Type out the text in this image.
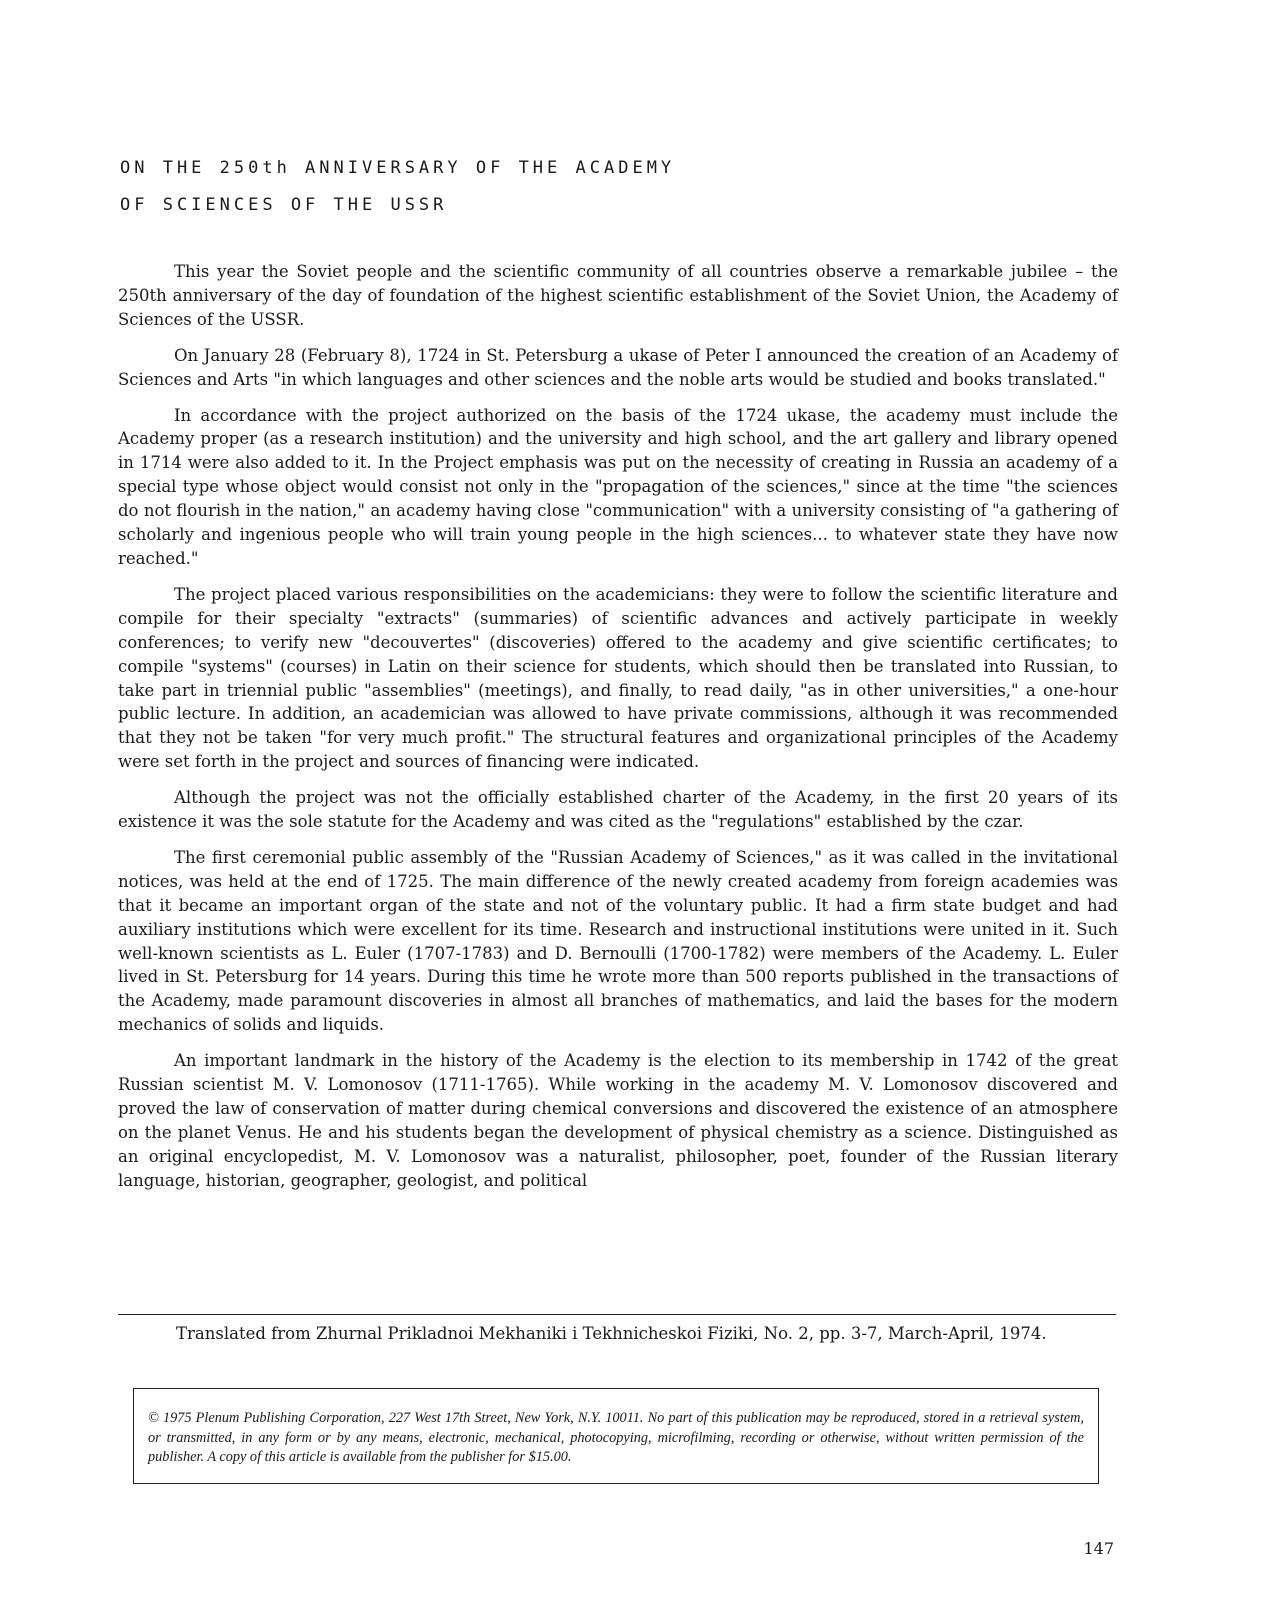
ON THE 250th ANNIVERSARY OF THE ACADEMY
OF SCIENCES OF THE USSR

This year the Soviet people and the scientific community of all countries observe a remarkable jubilee – the 250th anniversary of the day of foundation of the highest scientific establishment of the Soviet Union, the Academy of Sciences of the USSR.

On January 28 (February 8), 1724 in St. Petersburg a ukase of Peter I announced the creation of an Academy of Sciences and Arts "in which languages and other sciences and the noble arts would be studied and books translated."

In accordance with the project authorized on the basis of the 1724 ukase, the academy must include the Academy proper (as a research institution) and the university and high school, and the art gallery and library opened in 1714 were also added to it. In the Project emphasis was put on the necessity of creating in Russia an academy of a special type whose object would consist not only in the "propagation of the sciences," since at the time "the sciences do not flourish in the nation," an academy having close "communication" with a university consisting of "a gathering of scholarly and ingenious people who will train young people in the high sciences... to whatever state they have now reached."

The project placed various responsibilities on the academicians: they were to follow the scientific literature and compile for their specialty "extracts" (summaries) of scientific advances and actively participate in weekly conferences; to verify new "decouvertes" (discoveries) offered to the academy and give scientific certificates; to compile "systems" (courses) in Latin on their science for students, which should then be translated into Russian, to take part in triennial public "assemblies" (meetings), and finally, to read daily, "as in other universities," a one-hour public lecture. In addition, an academician was allowed to have private commissions, although it was recommended that they not be taken "for very much profit." The structural features and organizational principles of the Academy were set forth in the project and sources of financing were indicated.

Although the project was not the officially established charter of the Academy, in the first 20 years of its existence it was the sole statute for the Academy and was cited as the "regulations" established by the czar.

The first ceremonial public assembly of the "Russian Academy of Sciences," as it was called in the invitational notices, was held at the end of 1725. The main difference of the newly created academy from foreign academies was that it became an important organ of the state and not of the voluntary public. It had a firm state budget and had auxiliary institutions which were excellent for its time. Research and instructional institutions were united in it. Such well-known scientists as L. Euler (1707-1783) and D. Bernoulli (1700-1782) were members of the Academy. L. Euler lived in St. Petersburg for 14 years. During this time he wrote more than 500 reports published in the transactions of the Academy, made paramount discoveries in almost all branches of mathematics, and laid the bases for the modern mechanics of solids and liquids.

An important landmark in the history of the Academy is the election to its membership in 1742 of the great Russian scientist M. V. Lomonosov (1711-1765). While working in the academy M. V. Lomonosov discovered and proved the law of conservation of matter during chemical conversions and discovered the existence of an atmosphere on the planet Venus. He and his students began the development of physical chemistry as a science. Distinguished as an original encyclopedist, M. V. Lomonosov was a naturalist, philosopher, poet, founder of the Russian literary language, historian, geographer, geologist, and political

Translated from Zhurnal Prikladnoi Mekhaniki i Tekhnicheskoi Fiziki, No. 2, pp. 3-7, March-April, 1974.

© 1975 Plenum Publishing Corporation, 227 West 17th Street, New York, N.Y. 10011. No part of this publication may be reproduced, stored in a retrieval system, or transmitted, in any form or by any means, electronic, mechanical, photocopying, microfilming, recording or otherwise, without written permission of the publisher. A copy of this article is available from the publisher for $15.00.

147
